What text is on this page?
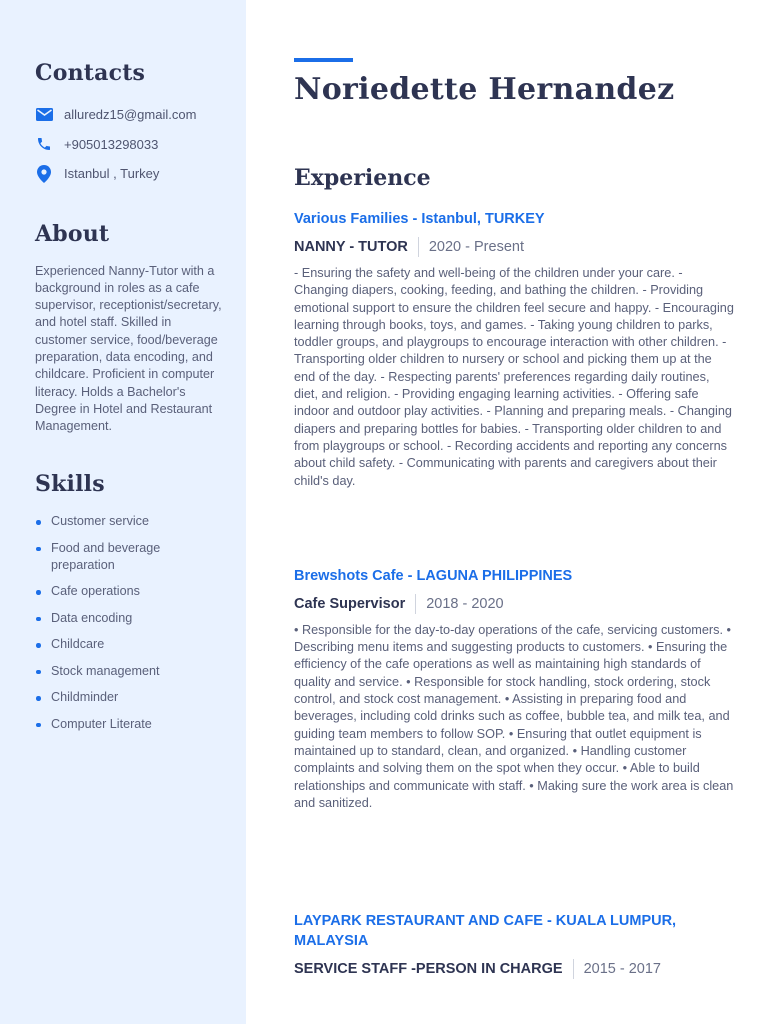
Contacts
alluredz15@gmail.com
+905013298033
Istanbul , Turkey
About

Experienced Nanny-Tutor with a background in roles as a cafe supervisor, receptionist/secretary, and hotel staff. Skilled in customer service, food/beverage preparation, data encoding, and childcare. Proficient in computer literacy. Holds a Bachelor's Degree in Hotel and Restaurant Management.

Skills
Customer service
Food and beverage preparation
Cafe operations
Data encoding
Childcare
Stock management
Childminder
Computer Literate
Noriedette Hernandez
Experience
Various Families - Istanbul, TURKEY
NANNY - TUTOR 2020 - Present

- Ensuring the safety and well-being of the children under your care. - Changing diapers, cooking, feeding, and bathing the children. - Providing emotional support to ensure the children feel secure and happy. - Encouraging learning through books, toys, and games. - Taking young children to parks, toddler groups, and playgroups to encourage interaction with other children. - Transporting older children to nursery or school and picking them up at the end of the day. - Respecting parents' preferences regarding daily routines, diet, and religion. - Providing engaging learning activities. - Offering safe indoor and outdoor play activities. - Planning and preparing meals. - Changing diapers and preparing bottles for babies. - Transporting older children to and from playgroups or school. - Recording accidents and reporting any concerns about child safety. - Communicating with parents and caregivers about their child's day.

Brewshots Cafe - LAGUNA PHILIPPINES
Cafe Supervisor 2018 - 2020

• Responsible for the day-to-day operations of the cafe, servicing customers. • Describing menu items and suggesting products to customers. • Ensuring the efficiency of the cafe operations as well as maintaining high standards of quality and service. • Responsible for stock handling, stock ordering, stock control, and stock cost management. • Assisting in preparing food and beverages, including cold drinks such as coffee, bubble tea, and milk tea, and guiding team members to follow SOP. • Ensuring that outlet equipment is maintained up to standard, clean, and organized. • Handling customer complaints and solving them on the spot when they occur. • Able to build relationships and communicate with staff. • Making sure the work area is clean and sanitized.

LAYPARK RESTAURANT AND CAFE - KUALA LUMPUR, MALAYSIA
SERVICE STAFF -PERSON IN CHARGE 2015 - 2017
